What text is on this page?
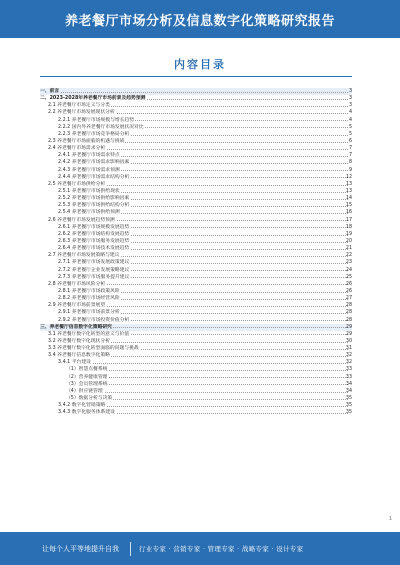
养老餐厅市场分析及信息数字化策略研究报告
内容目录
一、前言	3
二、2023-2028年养老餐厅市场前景及趋势预测	3
2.1 养老餐厅市场定义与分类	3
2.2 养老餐厅市场发展现状分析	4
2.2.1 养老餐厅市场规模与增长趋势	4
2.2.2 国内外养老餐厅市场发展状况对比	5
2.2.3 养老餐厅市场竞争格局分析	5
2.3 养老餐厅市场面临的机遇与挑战	6
2.4 养老餐厅市场需求分析	7
2.4.1 养老餐厅市场需求特点	7
2.4.2 养老餐厅市场需求影响因素	8
2.4.3 养老餐厅市场需求预测	9
2.4.4 养老餐厅市场需求结构分析	12
2.5 养老餐厅市场供给分析	13
2.5.1 养老餐厅市场供给现状	13
2.5.2 养老餐厅市场供给影响因素	14
2.5.3 养老餐厅市场供给结构分析	15
2.5.4 养老餐厅市场供给预测	16
2.6 养老餐厅市场发展趋势预测	17
2.6.1 养老餐厅市场规模发展趋势	18
2.6.2 养老餐厅市场结构发展趋势	19
2.6.3 养老餐厅市场服务发展趋势	20
2.6.4 养老餐厅市场技术发展趋势	21
2.7 养老餐厅市场发展策略与建议	22
2.7.1 养老餐厅市场发展政策建议	23
2.7.2 养老餐厅企业发展策略建议	24
2.7.3 养老餐厅市场服务提升建议	25
2.8 养老餐厅市场风险分析	26
2.8.1 养老餐厅市场政策风险	26
2.8.2 养老餐厅市场经营风险	27
2.9 养老餐厅市场前景展望	28
2.9.1 养老餐厅市场前景分析	28
2.9.2 养老餐厅市场投资价值分析	28
三、养老餐厅信息数字化策略研究	29
3.1 养老餐厅数字化转型的意义与价值	29
3.2 养老餐厅数字化现状分析	30
3.3 养老餐厅数字化转型面临的问题与挑战	31
3.4 养老餐厅信息数字化策略	32
3.4.1 平台建设	32
（1）智慧点餐系统	33
（2）营养健康管理	33
（3）会员管理系统	34
（4）供应链管理	34
（5）数据分析与决策	35
3.4.2 数字化营销策略	35
3.4.3 数字化服务体系建设	35
1
让每个人平等地提升自我	行业专家 · 营销专家 · 管理专家 · 战略专家 · 设计专家
